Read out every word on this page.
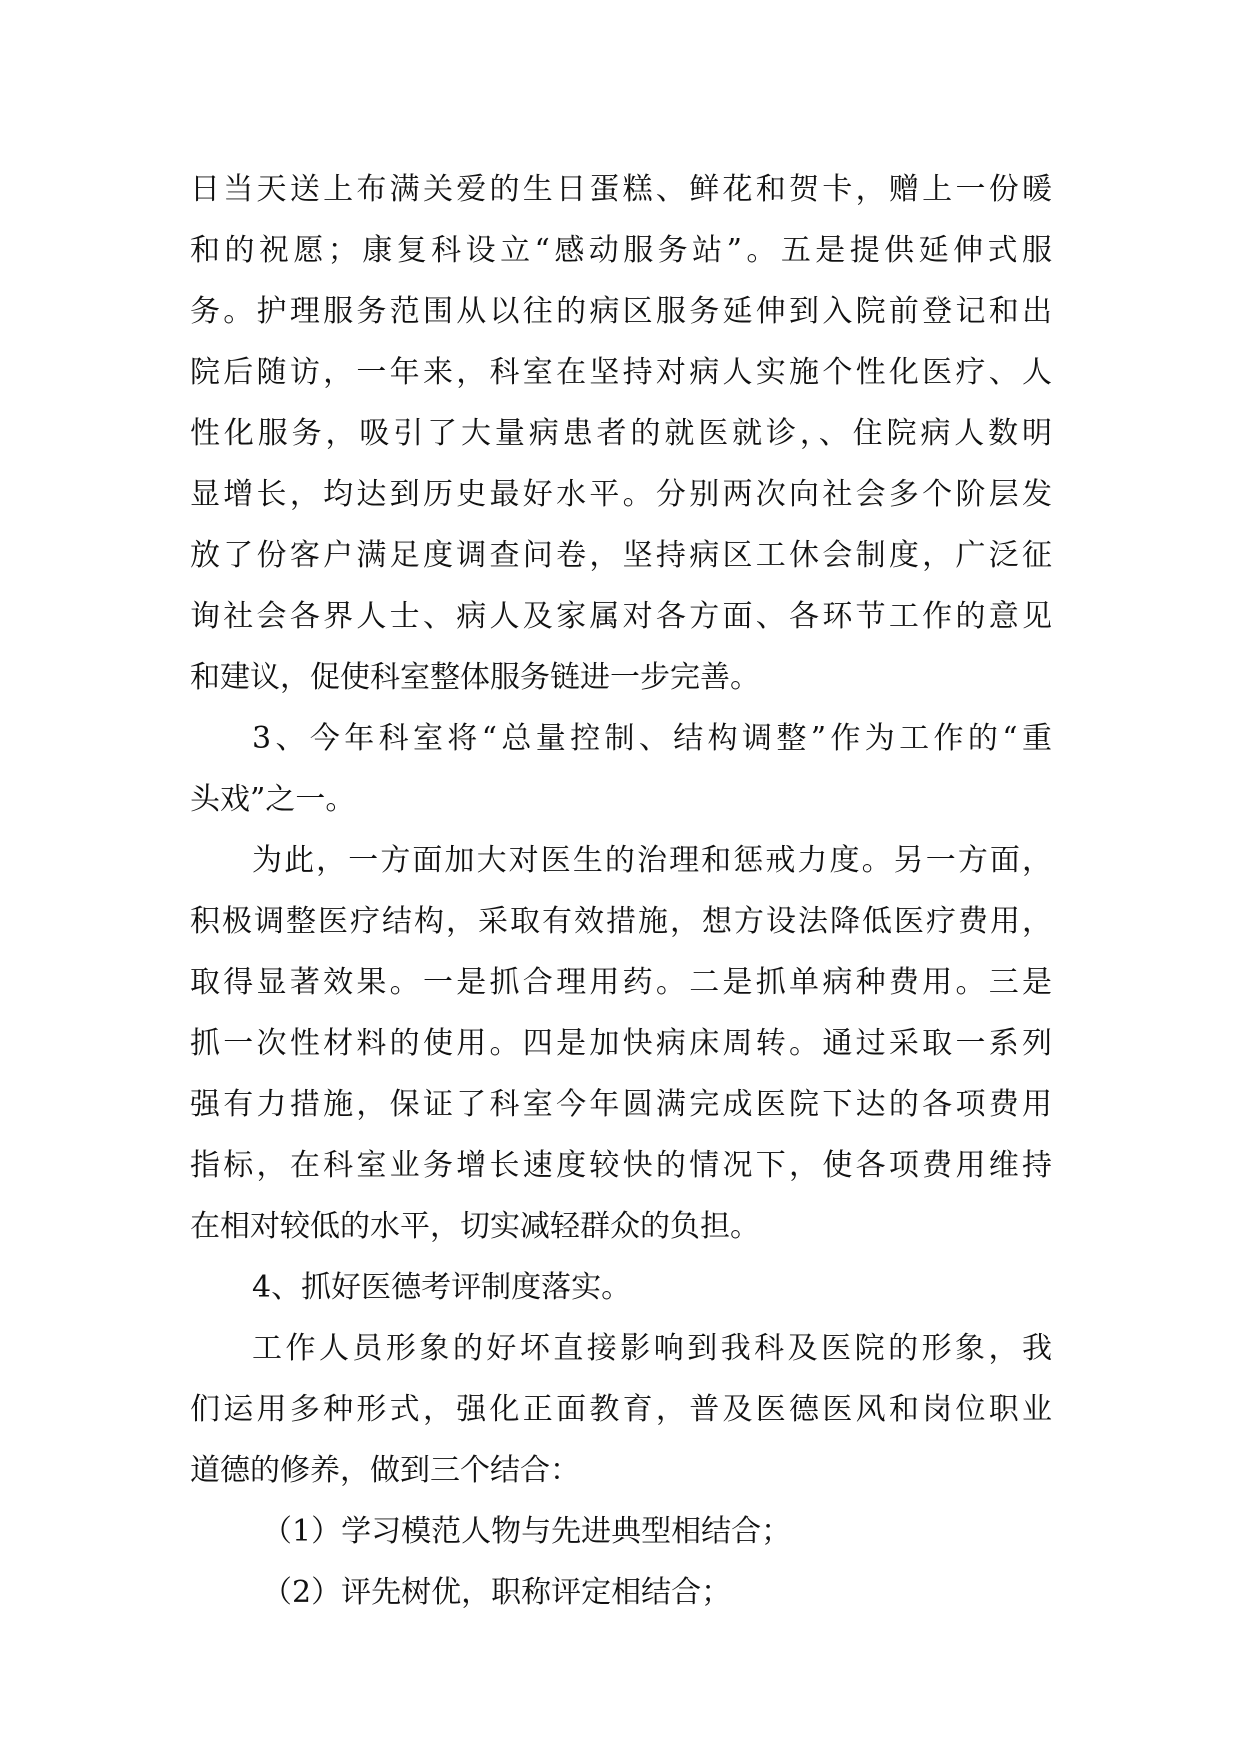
日当天送上布满关爱的生日蛋糕、鲜花和贺卡，赠上一份暖
和的祝愿；康复科设立“感动服务站”。五是提供延伸式服
务。护理服务范围从以往的病区服务延伸到入院前登记和出
院后随访，一年来，科室在坚持对病人实施个性化医疗、人
性化服务，吸引了大量病患者的就医就诊，、住院病人数明
显增长，均达到历史最好水平。分别两次向社会多个阶层发
放了份客户满足度调查问卷，坚持病区工休会制度，广泛征
询社会各界人士、病人及家属对各方面、各环节工作的意见
和建议，促使科室整体服务链进一步完善。
3、今年科室将“总量控制、结构调整”作为工作的“重
头戏”之一。
为此，一方面加大对医生的治理和惩戒力度。另一方面，
积极调整医疗结构，采取有效措施，想方设法降低医疗费用，
取得显著效果。一是抓合理用药。二是抓单病种费用。三是
抓一次性材料的使用。四是加快病床周转。通过采取一系列
强有力措施，保证了科室今年圆满完成医院下达的各项费用
指标，在科室业务增长速度较快的情况下，使各项费用维持
在相对较低的水平，切实减轻群众的负担。
4、抓好医德考评制度落实。
工作人员形象的好坏直接影响到我科及医院的形象，我
们运用多种形式，强化正面教育，普及医德医风和岗位职业
道德的修养，做到三个结合：
（1）学习模范人物与先进典型相结合；
（2）评先树优，职称评定相结合；
